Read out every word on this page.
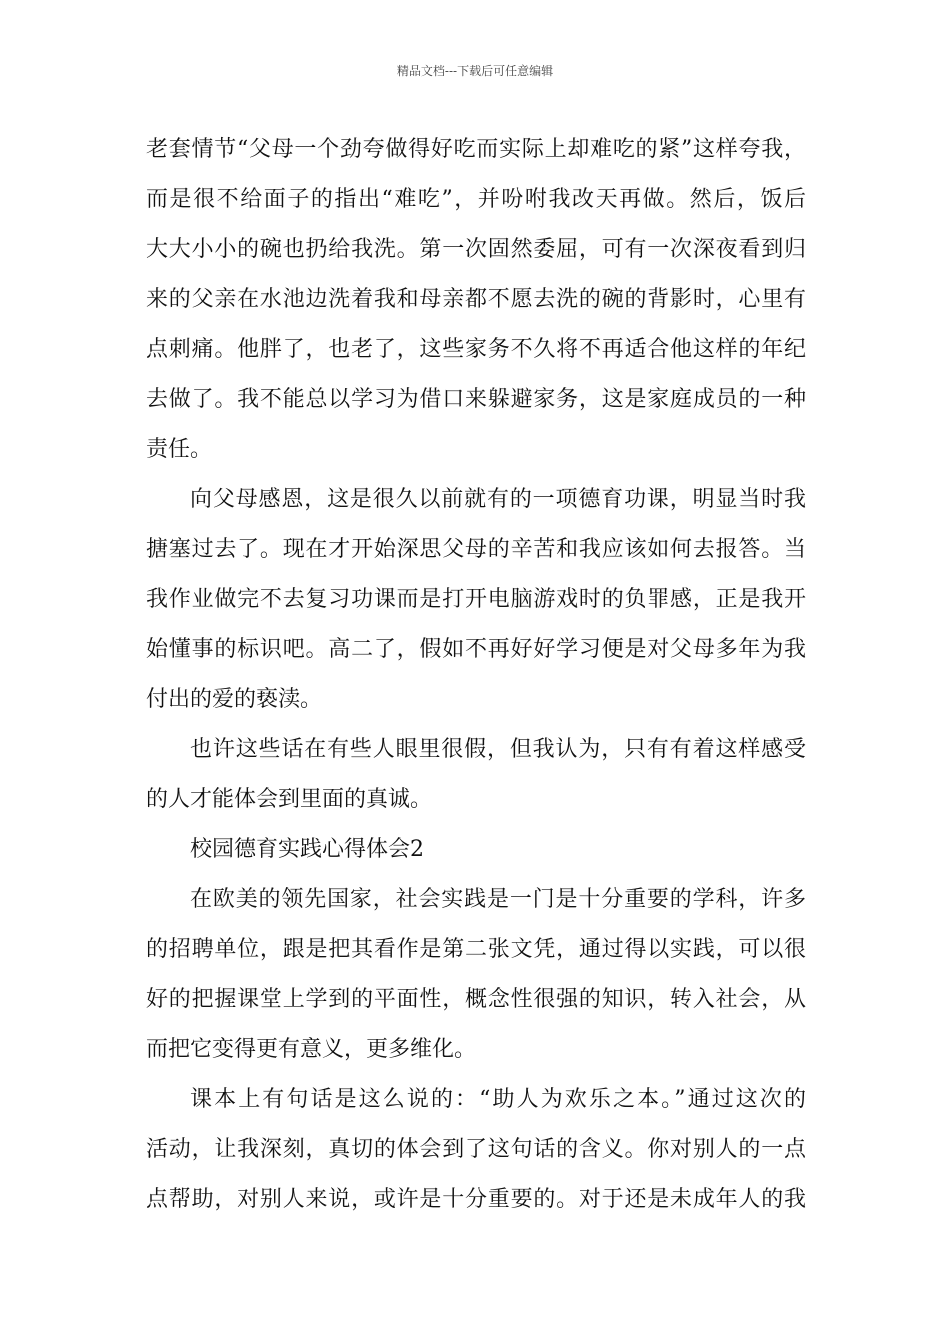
精品文档---下载后可任意编辑
老套情节“父母一个劲夸做得好吃而实际上却难吃的紧”这样夸我，
而是很不给面子的指出“难吃”，并吩咐我改天再做。然后，饭后
大大小小的碗也扔给我洗。第一次固然委屈，可有一次深夜看到归
来的父亲在水池边洗着我和母亲都不愿去洗的碗的背影时，心里有
点刺痛。他胖了，也老了，这些家务不久将不再适合他这样的年纪
去做了。我不能总以学习为借口来躲避家务，这是家庭成员的一种
责任。
向父母感恩，这是很久以前就有的一项德育功课，明显当时我
搪塞过去了。现在才开始深思父母的辛苦和我应该如何去报答。当
我作业做完不去复习功课而是打开电脑游戏时的负罪感，正是我开
始懂事的标识吧。高二了，假如不再好好学习便是对父母多年为我
付出的爱的亵渎。
也许这些话在有些人眼里很假，但我认为，只有有着这样感受
的人才能体会到里面的真诚。
校园德育实践心得体会2
在欧美的领先国家，社会实践是一门是十分重要的学科，许多
的招聘单位，跟是把其看作是第二张文凭，通过得以实践，可以很
好的把握课堂上学到的平面性，概念性很强的知识，转入社会，从
而把它变得更有意义，更多维化。
课本上有句话是这么说的：“助人为欢乐之本。”通过这次的
活动，让我深刻，真切的体会到了这句话的含义。你对别人的一点
点帮助，对别人来说，或许是十分重要的。对于还是未成年人的我
